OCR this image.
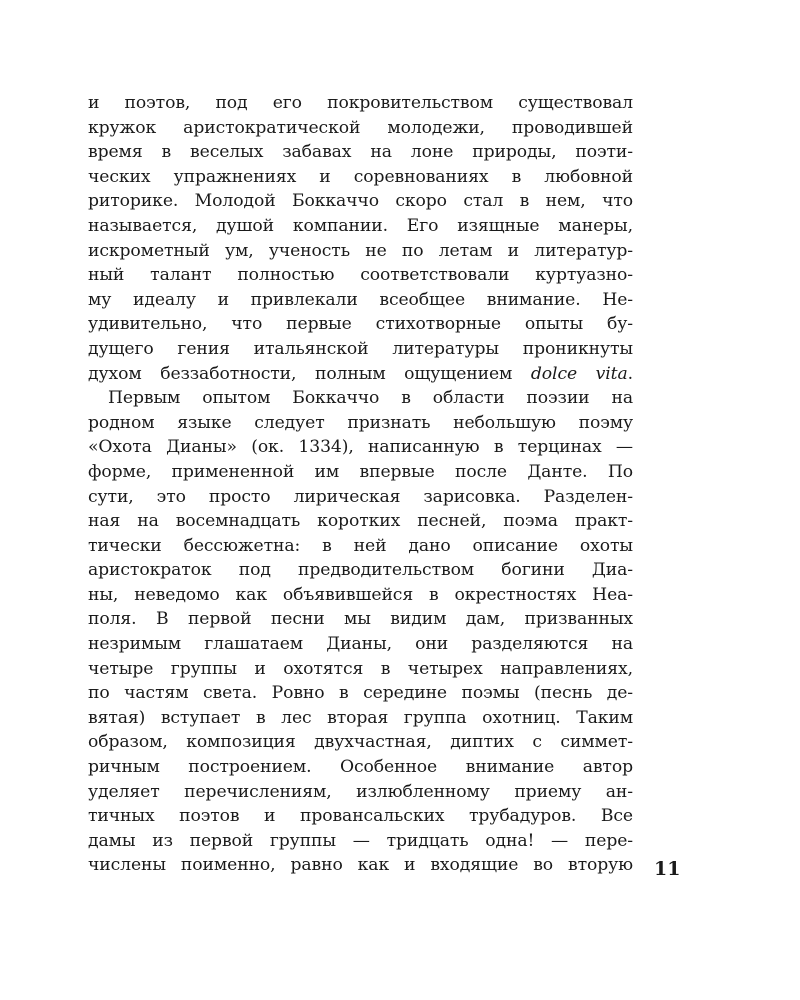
и поэтов, под его покровительством существовал
кружок аристократической молодежи, проводившей
время в веселых забавах на лоне природы, поэти-
ческих упражнениях и соревнованиях в любовной
риторике. Молодой Боккаччо скоро стал в нем, что
называется, душой компании. Его изящные манеры,
искрометный ум, ученость не по летам и литератур-
ный талант полностью соответствовали куртуазно-
му идеалу и привлекали всеобщее внимание. Не-
удивительно, что первые стихотворные опыты бу-
дущего гения итальянской литературы проникнуты
духом беззаботности, полным ощущением dolce vita.
Первым опытом Боккаччо в области поэзии на
родном языке следует признать небольшую поэму
«Охота Дианы» (ок. 1334), написанную в терцинах —
форме, примененной им впервые после Данте. По
сути, это просто лирическая зарисовка. Разделен-
ная на восемнадцать коротких песней, поэма практ-
тически бессюжетна: в ней дано описание охоты
аристократок под предводительством богини Диа-
ны, неведомо как объявившейся в окрестностях Неа-
поля. В первой песни мы видим дам, призванных
незримым глашатаем Дианы, они разделяются на
четыре группы и охотятся в четырех направлениях,
по частям света. Ровно в середине поэмы (песнь де-
вятая) вступает в лес вторая группа охотниц. Таким
образом, композиция двухчастная, диптих с симмет-
ричным построением. Особенное внимание автор
уделяет перечислениям, излюбленному приему ан-
тичных поэтов и провансальских трубадуров. Все
дамы из первой группы — тридцать одна! — пере-
числены поименно, равно как и входящие во вторую 11
